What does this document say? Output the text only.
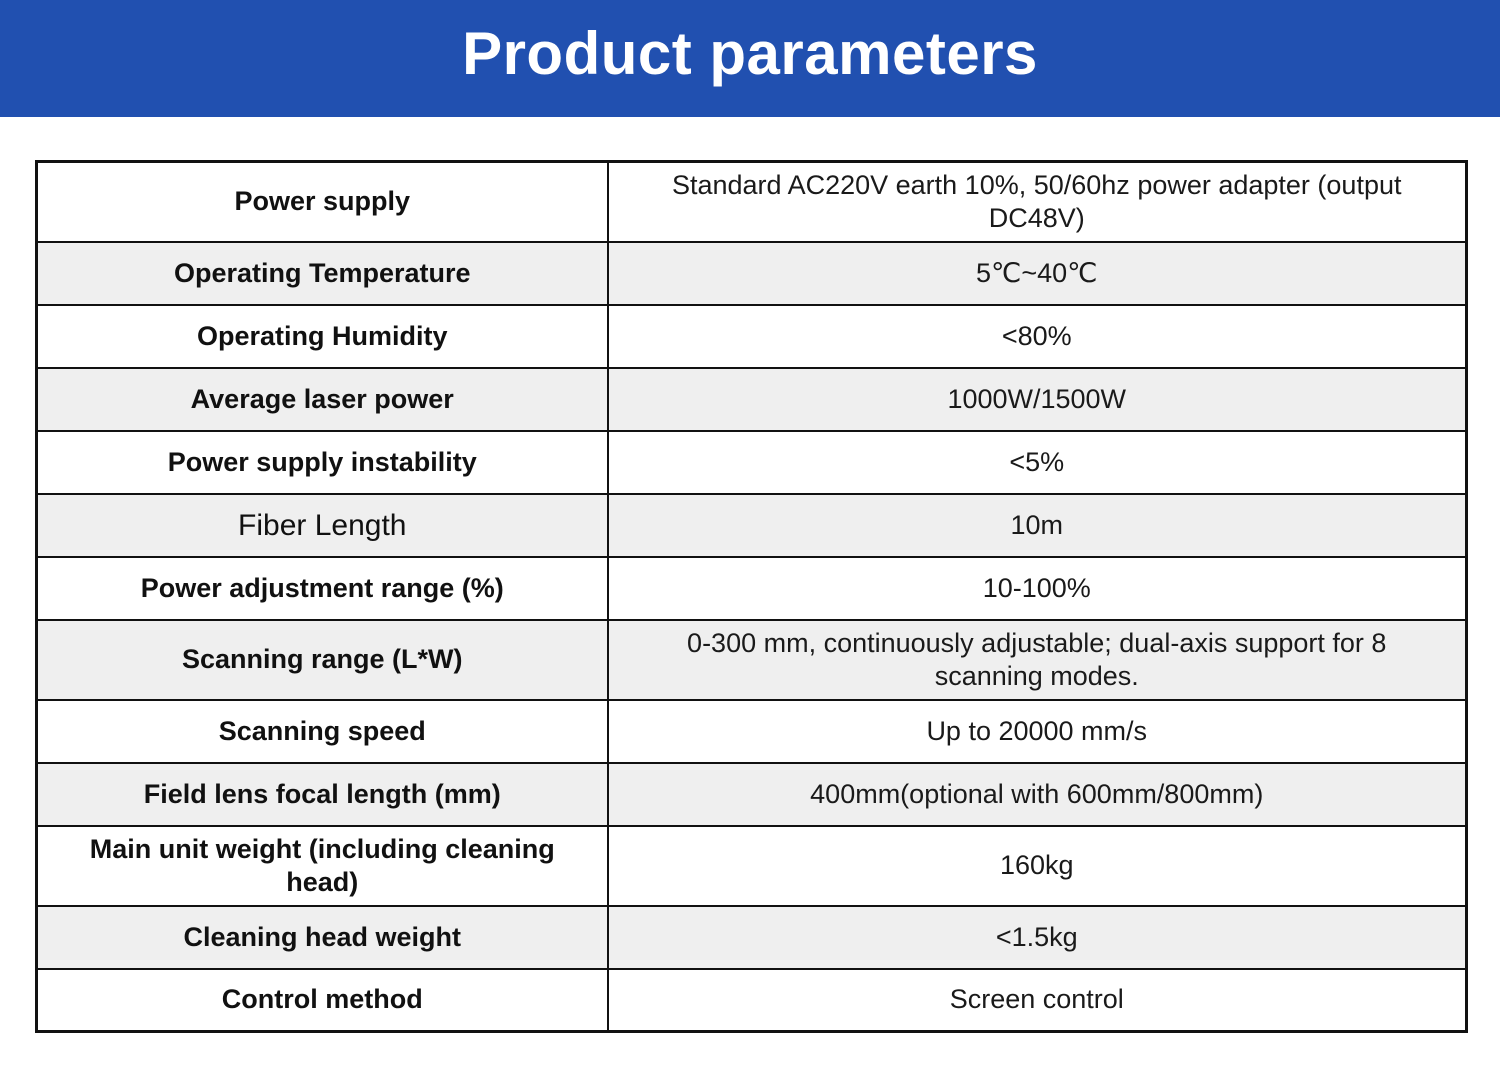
Product parameters
Power supply	Standard AC220V earth 10%, 50/60hz power adapter (output DC48V)
Operating Temperature	5℃~40℃
Operating Humidity	<80%
Average laser power	1000W/1500W
Power supply instability	<5%
Fiber Length	10m
Power adjustment range (%)	10-100%
Scanning range (L*W)	0-300 mm, continuously adjustable; dual-axis support for 8 scanning modes.
Scanning speed	Up to 20000 mm/s
Field lens focal length (mm)	400mm(optional with 600mm/800mm)
Main unit weight (including cleaning head)	160kg
Cleaning head weight	<1.5kg
Control method	Screen control
